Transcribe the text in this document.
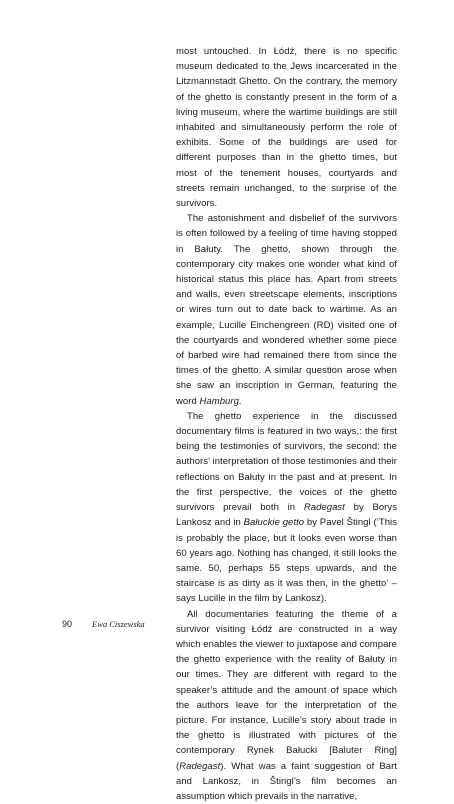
most untouched. In Łódź, there is no specific museum dedicated to the Jews incarcerated in the Litzmannstadt Ghetto. On the contrary, the memory of the ghetto is constantly present in the form of a living museum, where the wartime buildings are still inhabited and simultaneously perform the role of exhibits. Some of the buildings are used for different purposes than in the ghetto times, but most of the tenement houses, courtyards and streets remain unchanged, to the surprise of the survivors.

The astonishment and disbelief of the survivors is often followed by a feeling of time having stopped in Bałuty. The ghetto, shown through the contemporary city makes one wonder what kind of historical status this place has. Apart from streets and walls, even streetscape elements, inscriptions or wires turn out to date back to wartime. As an example, Lucille Einchengreen (RD) visited one of the courtyards and wondered whether some piece of barbed wire had remained there from since the times of the ghetto. A similar question arose when she saw an inscription in German, featuring the word Hamburg.

The ghetto experience in the discussed documentary films is featured in two ways,: the first being the testimonies of survivors, the second: the authors’ interpretation of those testimonies and their reflections on Bałuty in the past and at present. In the first perspective, the voices of the ghetto survivors prevail both in Radegast by Borys Lankosz and in Bałuckie getto by Pavel Štingl (‘This is probably the place, but it looks even worse than 60 years ago. Nothing has changed, it still looks the same. 50, perhaps 55 steps upwards, and the staircase is as dirty as it was then, in the ghetto’ – says Lucille in the film by Lankosz).

All documentaries featuring the theme of a survivor visiting Łódź are constructed in a way which enables the viewer to juxtapose and compare the ghetto experience with the reality of Bałuty in our times. They are different with regard to the speaker’s attitude and the amount of space which the authors leave for the interpretation of the picture. For instance, Lucille’s story about trade in the ghetto is illustrated with pictures of the contemporary Rynek Bałucki [Baluter Ring] (Radegast). What was a faint suggestion of Bart and Lankosz, in Štingl’s film becomes an assumption which prevails in the narrative,

90 Ewa Ciszewska
